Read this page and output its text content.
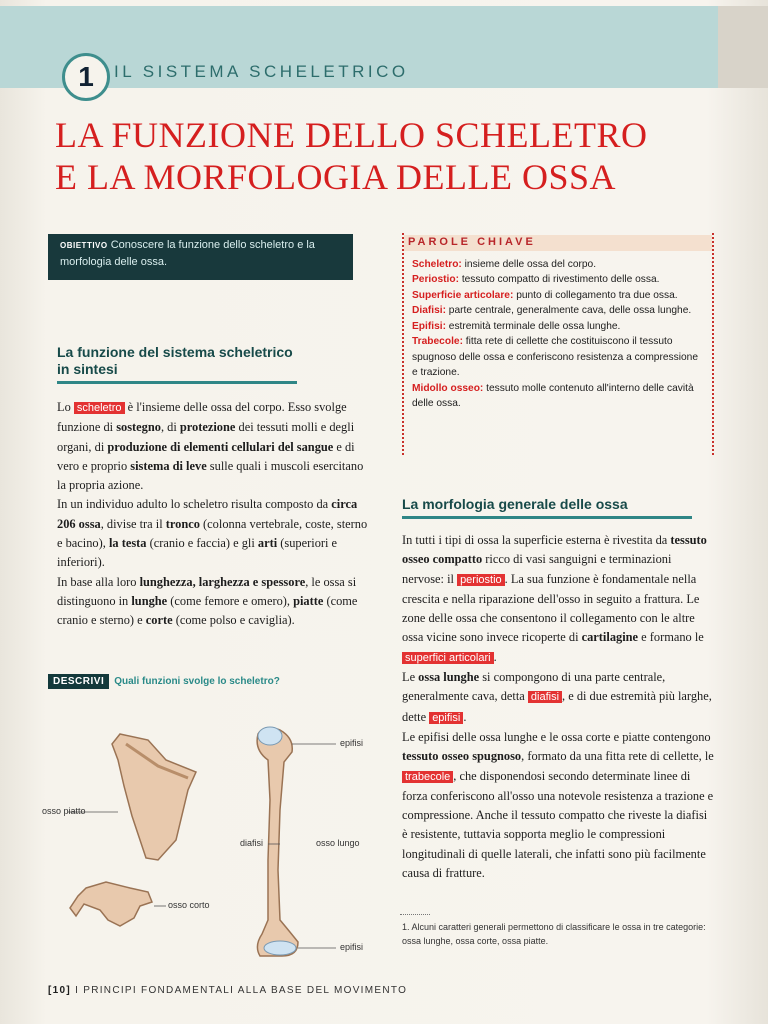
1	IL SISTEMA SCHELETRICO
LA FUNZIONE DELLO SCHELETRO
E LA MORFOLOGIA DELLE OSSA
OBIETTIVO Conoscere la funzione dello scheletro e la morfologia delle ossa.
La funzione del sistema scheletrico in sintesi

Lo scheletro è l'insieme delle ossa del corpo. Esso svolge funzione di sostegno, di protezione dei tessuti molli e degli organi, di produzione di elementi cellulari del sangue e di vero e proprio sistema di leve sulle quali i muscoli esercitano la propria azione.

In un individuo adulto lo scheletro risulta composto da circa 206 ossa, divise tra il tronco (colonna vertebrale, coste, sterno e bacino), la testa (cranio e faccia) e gli arti (superiori e inferiori).

In base alla loro lunghezza, larghezza e spessore, le ossa si distinguono in lunghe (come femore e omero), piatte (come cranio e sterno) e corte (come polso e caviglia).

DESCRIVI Quali funzioni svolge lo scheletro?
osso piatto
osso corto
epifisi
diafisi	osso lungo
epifisi
PAROLE CHIAVE
Scheletro: insieme delle ossa del corpo.
Periostio: tessuto compatto di rivestimento delle ossa.
Superficie articolare: punto di collegamento tra due ossa.
Diafisi: parte centrale, generalmente cava, delle ossa lunghe.
Epifisi: estremità terminale delle ossa lunghe.
Trabecole: fitta rete di cellette che costituiscono il tessuto spugnoso delle ossa e conferiscono resistenza a compressione e trazione.
Midollo osseo: tessuto molle contenuto all'interno delle cavità delle ossa.
La morfologia generale delle ossa

In tutti i tipi di ossa la superficie esterna è rivestita da tessuto osseo compatto ricco di vasi sanguigni e terminazioni nervose: il periostio . La sua funzione è fondamentale nella crescita e nella riparazione dell'osso in seguito a frattura. Le zone delle ossa che consentono il collegamento con le altre ossa vicine sono invece ricoperte di cartilagine e formano le superfici articolari .

Le ossa lunghe si compongono di una parte centrale, generalmente cava, detta diafisi , e di due estremità più larghe, dette epifisi .

Le epifisi delle ossa lunghe e le ossa corte e piatte contengono tessuto osseo spugnoso, formato da una fitta rete di cellette, le trabecole , che disponendosi secondo determinate linee di forza conferiscono all'osso una notevole resistenza a trazione e compressione. Anche il tessuto compatto che riveste la diafisi è resistente, tuttavia sopporta meglio le compressioni longitudinali di quelle laterali, che infatti sono più facilmente causa di fratture.

1. Alcuni caratteri generali permettono di classificare le ossa in tre categorie: ossa lunghe, ossa corte, ossa piatte.
[10] I PRINCIPI FONDAMENTALI ALLA BASE DEL MOVIMENTO
